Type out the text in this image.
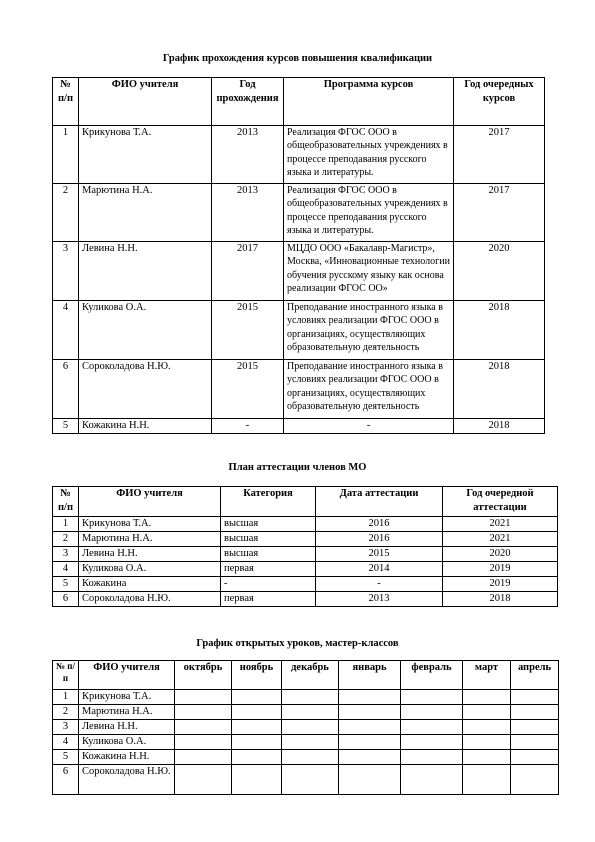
График прохождения курсов повышения квалификации
№ п/п	ФИО учителя	Год прохождения	Программа курсов	Год очередных курсов
1	Крикунова Т.А.	2013	Реализация ФГОС ООО в общеобразовательных учреждениях в процессе преподавания русского языка и литературы.	2017
2	Марютина Н.А.	2013	Реализация ФГОС ООО в общеобразовательных учреждениях в процессе преподавания русского языка и литературы.	2017
3	Левина Н.Н.	2017	МЦДО ООО «Бакалавр-Магистр», Москва, «Инновационные технологии обучения русскому языку как основа реализации ФГОС ОО»	2020
4	Куликова О.А.	2015	Преподавание иностранного языка в условиях реализации ФГОС ООО в организациях, осуществляющих образовательную деятельность	2018
6	Сороколадова Н.Ю.	2015	Преподавание иностранного языка в условиях реализации ФГОС ООО в организациях, осуществляющих образовательную деятельность	2018
5	Кожакина Н.Н.	-	-	2018
План аттестации членов МО
№ п/п	ФИО учителя	Категория	Дата аттестации	Год очередной аттестации
1	Крикунова Т.А.	высшая	2016	2021
2	Марютина Н.А.	высшая	2016	2021
3	Левина Н.Н.	высшая	2015	2020
4	Куликова О.А.	первая	2014	2019
5	Кожакина	-	-	2019
6	Сороколадова Н.Ю.	первая	2013	2018
График открытых уроков, мастер-классов
№ п/п	ФИО учителя	октябрь	ноябрь	декабрь	январь	февраль	март	апрель
1	Крикунова Т.А.							
2	Марютина Н.А.							
3	Левина Н.Н.							
4	Куликова О.А.							
5	Кожакина Н.Н.							
6	Сороколадова Н.Ю.							
